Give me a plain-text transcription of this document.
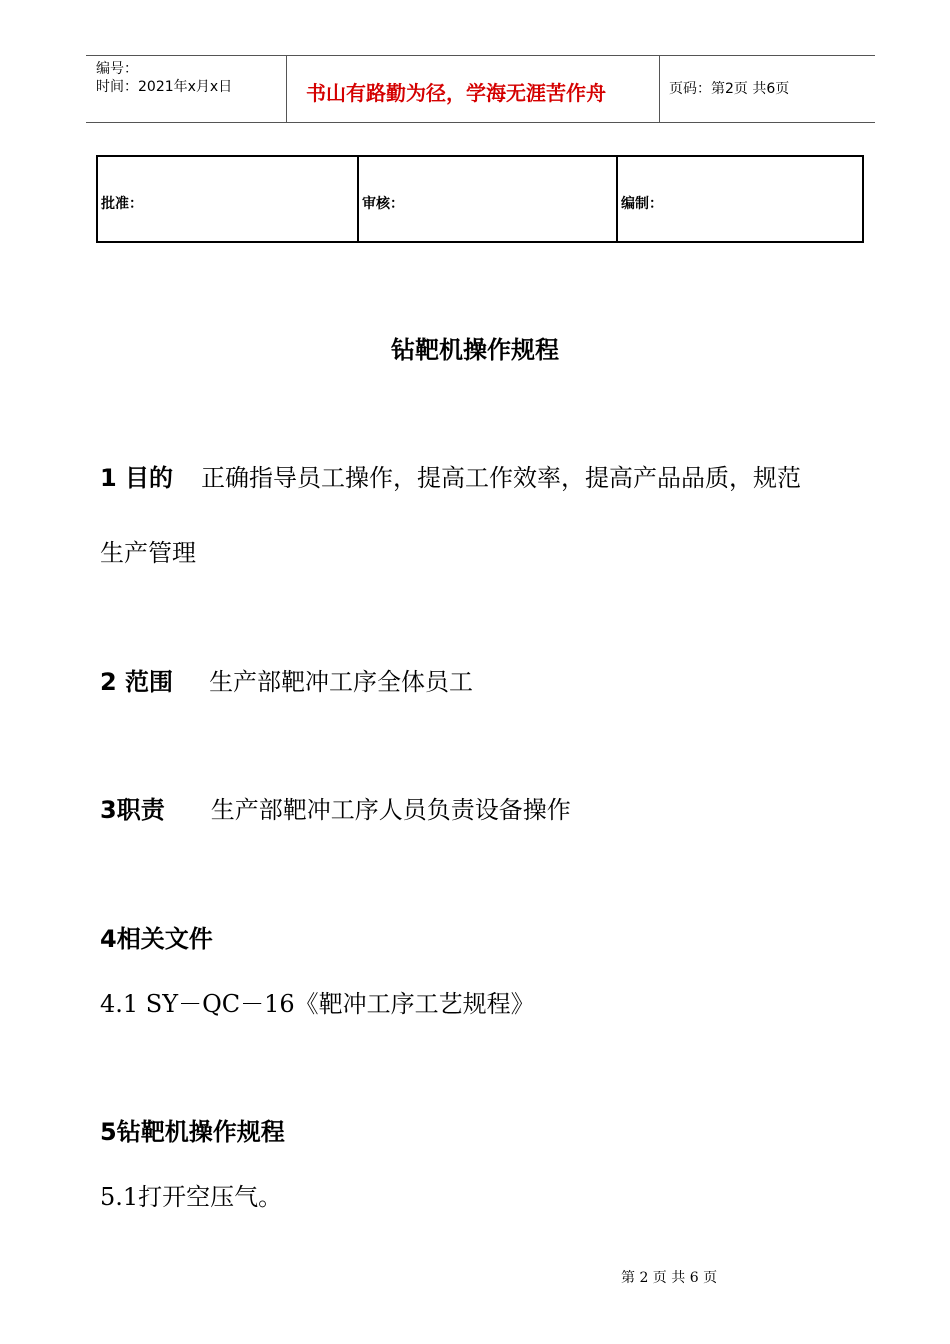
编号：
时间：2021年x月x日	书山有路勤为径，学海无涯苦作舟	页码：第2页 共6页
批准：	审核：	编制：
钻靶机操作规程
1 目的 正确指导员工操作，提高工作效率，提高产品品质，规范
生产管理
2 范围 生产部靶冲工序全体员工
3职责 生产部靶冲工序人员负责设备操作
4相关文件
4.1 SY－QC－16《靶冲工序工艺规程》
5钻靶机操作规程
5.1打开空压气。
第 2 页 共 6 页
